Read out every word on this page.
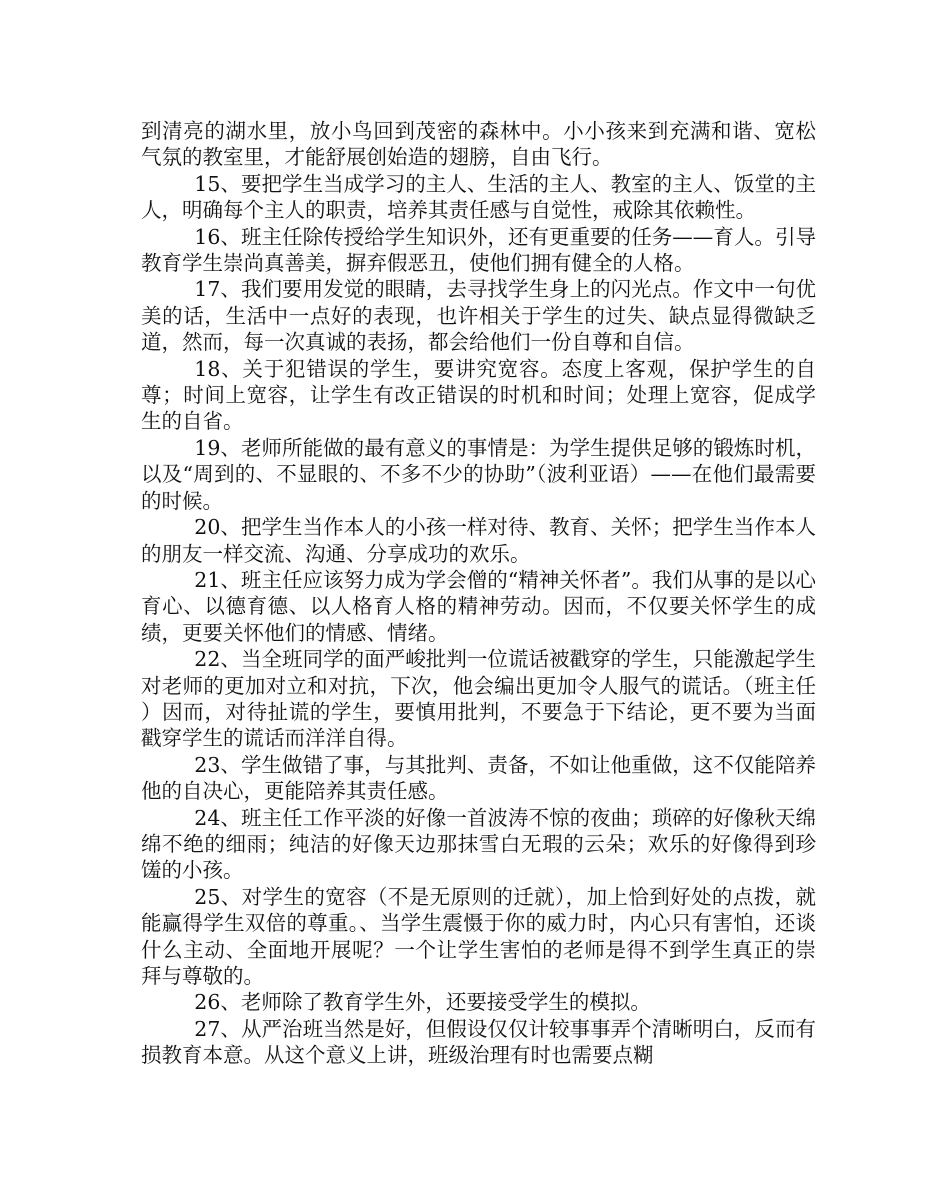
到清亮的湖水里，放小鸟回到茂密的森林中。小小孩来到充满和谐、宽松气氛的教室里，才能舒展创始造的翅膀，自由飞行。

15、要把学生当成学习的主人、生活的主人、教室的主人、饭堂的主人，明确每个主人的职责，培养其责任感与自觉性，戒除其依赖性。

16、班主任除传授给学生知识外，还有更重要的任务——育人。引导教育学生崇尚真善美，摒弃假恶丑，使他们拥有健全的人格。

17、我们要用发觉的眼睛，去寻找学生身上的闪光点。作文中一句优美的话，生活中一点好的表现，也许相关于学生的过失、缺点显得微缺乏道，然而，每一次真诚的表扬，都会给他们一份自尊和自信。

18、关于犯错误的学生，要讲究宽容。态度上客观，保护学生的自尊；时间上宽容，让学生有改正错误的时机和时间；处理上宽容，促成学生的自省。

19、老师所能做的最有意义的事情是：为学生提供足够的锻炼时机，以及“周到的、不显眼的、不多不少的协助”（波利亚语）——在他们最需要的时候。

20、把学生当作本人的小孩一样对待、教育、关怀；把学生当作本人的朋友一样交流、沟通、分享成功的欢乐。

21、班主任应该努力成为学会僧的“精神关怀者”。我们从事的是以心育心、以德育德、以人格育人格的精神劳动。因而，不仅要关怀学生的成绩，更要关怀他们的情感、情绪。

22、当全班同学的面严峻批判一位谎话被戳穿的学生，只能激起学生对老师的更加对立和对抗，下次，他会编出更加令人服气的谎话。（班主任　　）因而，对待扯谎的学生，要慎用批判，不要急于下结论，更不要为当面戳穿学生的谎话而洋洋自得。

23、学生做错了事，与其批判、责备，不如让他重做，这不仅能陪养他的自决心，更能陪养其责任感。

24、班主任工作平淡的好像一首波涛不惊的夜曲；琐碎的好像秋天绵绵不绝的细雨；纯洁的好像天边那抹雪白无瑕的云朵；欢乐的好像得到珍馐的小孩。

25、对学生的宽容（不是无原则的迁就），加上恰到好处的点拨，就能赢得学生双倍的尊重。、当学生震慑于你的威力时，内心只有害怕，还谈什么主动、全面地开展呢？一个让学生害怕的老师是得不到学生真正的崇拜与尊敬的。

26、老师除了教育学生外，还要接受学生的模拟。

27、从严治班当然是好，但假设仅仅计较事事弄个清晰明白，反而有损教育本意。从这个意义上讲，班级治理有时也需要点糊
